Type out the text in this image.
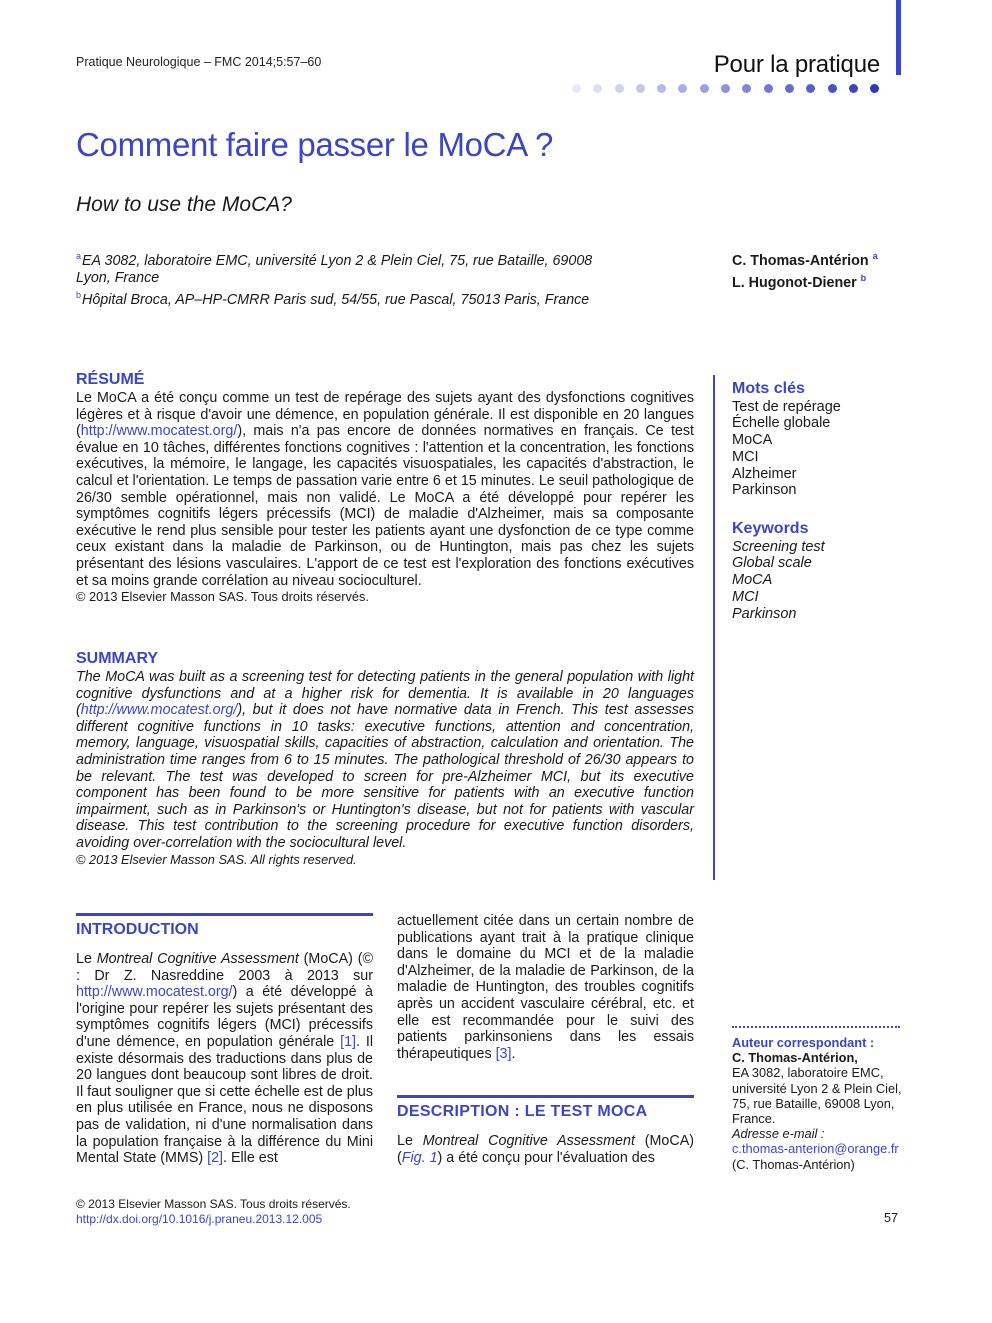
Pratique Neurologique – FMC 2014;5:57–60	Pour la pratique
Comment faire passer le MoCA ?
How to use the MoCA?
$^a$EA 3082, laboratoire EMC, université Lyon 2 & Plein Ciel, 75, rue Bataille, 69008
Lyon, France
$^b$Hôpital Broca, AP–HP-CMRR Paris sud, 54/55, rue Pascal, 75013 Paris, France
C. Thomas-Antérion $^a$
L. Hugonot-Diener $^b$
RÉSUMÉ
Le MoCA a été conçu comme un test de repérage des sujets ayant des dysfonctions cognitives légères et à risque d'avoir une démence, en population générale. Il est disponible en 20 langues (http://www.mocatest.org/), mais n'a pas encore de données normatives en français. Ce test évalue en 10 tâches, différentes fonctions cognitives : l'attention et la concentration, les fonctions exécutives, la mémoire, le langage, les capacités visuospatiales, les capacités d'abstraction, le calcul et l'orientation. Le temps de passation varie entre 6 et 15 minutes. Le seuil pathologique de 26/30 semble opérationnel, mais non validé. Le MoCA a été développé pour repérer les symptômes cognitifs légers précessifs (MCI) de maladie d'Alzheimer, mais sa composante exécutive le rend plus sensible pour tester les patients ayant une dysfonction de ce type comme ceux existant dans la maladie de Parkinson, ou de Huntington, mais pas chez les sujets présentant des lésions vasculaires. L'apport de ce test est l'exploration des fonctions exécutives et sa moins grande corrélation au niveau socioculturel.
© 2013 Elsevier Masson SAS. Tous droits réservés.
SUMMARY
The MoCA was built as a screening test for detecting patients in the general population with light cognitive dysfunctions and at a higher risk for dementia. It is available in 20 languages (http://www.mocatest.org/), but it does not have normative data in French. This test assesses different cognitive functions in 10 tasks: executive functions, attention and concentration, memory, language, visuospatial skills, capacities of abstraction, calculation and orientation. The administration time ranges from 6 to 15 minutes. The pathological threshold of 26/30 appears to be relevant. The test was developed to screen for pre-Alzheimer MCI, but its executive component has been found to be more sensitive for patients with an executive function impairment, such as in Parkinson's or Huntington's disease, but not for patients with vascular disease. This test contribution to the screening procedure for executive function disorders, avoiding over-correlation with the sociocultural level.
© 2013 Elsevier Masson SAS. All rights reserved.
Mots clés
Test de repérage
Échelle globale
MoCA
MCI
Alzheimer
Parkinson
Keywords
Screening test
Global scale
MoCA
MCI
Parkinson
INTRODUCTION
Le Montreal Cognitive Assessment (MoCA) (© : Dr Z. Nasreddine 2003 à 2013 sur http://www.mocatest.org/) a été développé à l'origine pour repérer les sujets présentant des symptômes cognitifs légers (MCI) précessifs d'une démence, en population générale [1]. Il existe désormais des traductions dans plus de 20 langues dont beaucoup sont libres de droit. Il faut souligner que si cette échelle est de plus en plus utilisée en France, nous ne disposons pas de validation, ni d'une normalisation dans la population française à la différence du Mini Mental State (MMS) [2]. Elle est
actuellement citée dans un certain nombre de publications ayant trait à la pratique clinique dans le domaine du MCI et de la maladie d'Alzheimer, de la maladie de Parkinson, de la maladie de Huntington, des troubles cognitifs après un accident vasculaire cérébral, etc. et elle est recommandée pour le suivi des patients parkinsoniens dans les essais thérapeutiques [3].
DESCRIPTION : LE TEST MOCA
Le Montreal Cognitive Assessment (MoCA) (Fig. 1) a été conçu pour l'évaluation des
Auteur correspondant :
C. Thomas-Antérion,
EA 3082, laboratoire EMC, université Lyon 2 & Plein Ciel, 75, rue Bataille, 69008 Lyon, France.
Adresse e-mail :
c.thomas-anterion@orange.fr (C. Thomas-Antérion)
© 2013 Elsevier Masson SAS. Tous droits réservés.
http://dx.doi.org/10.1016/j.praneu.2013.12.005	57
